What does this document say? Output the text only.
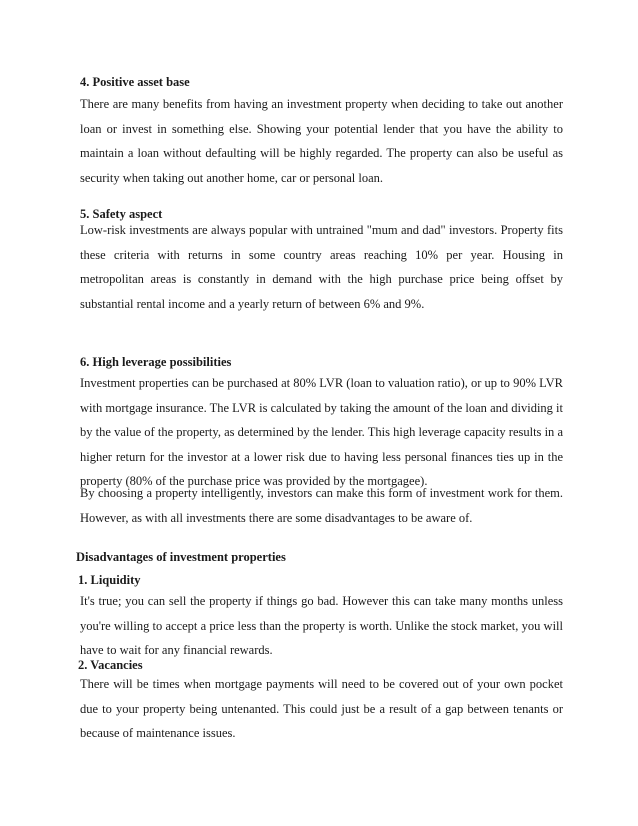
4. Positive asset base

There are many benefits from having an investment property when deciding to take out another loan or invest in something else. Showing your potential lender that you have the ability to maintain a loan without defaulting will be highly regarded. The property can also be useful as security when taking out another home, car or personal loan.

5. Safety aspect

Low-risk investments are always popular with untrained "mum and dad" investors. Property fits these criteria with returns in some country areas reaching 10% per year. Housing in metropolitan areas is constantly in demand with the high purchase price being offset by substantial rental income and a yearly return of between 6% and 9%.

6. High leverage possibilities

Investment properties can be purchased at 80% LVR (loan to valuation ratio), or up to 90% LVR with mortgage insurance. The LVR is calculated by taking the amount of the loan and dividing it by the value of the property, as determined by the lender. This high leverage capacity results in a higher return for the investor at a lower risk due to having less personal finances ties up in the property (80% of the purchase price was provided by the mortgagee).

By choosing a property intelligently, investors can make this form of investment work for them. However, as with all investments there are some disadvantages to be aware of.

Disadvantages of investment properties
1. Liquidity

It's true; you can sell the property if things go bad. However this can take many months unless you're willing to accept a price less than the property is worth. Unlike the stock market, you will have to wait for any financial rewards.

2. Vacancies

There will be times when mortgage payments will need to be covered out of your own pocket due to your property being untenanted. This could just be a result of a gap between tenants or because of maintenance issues.
